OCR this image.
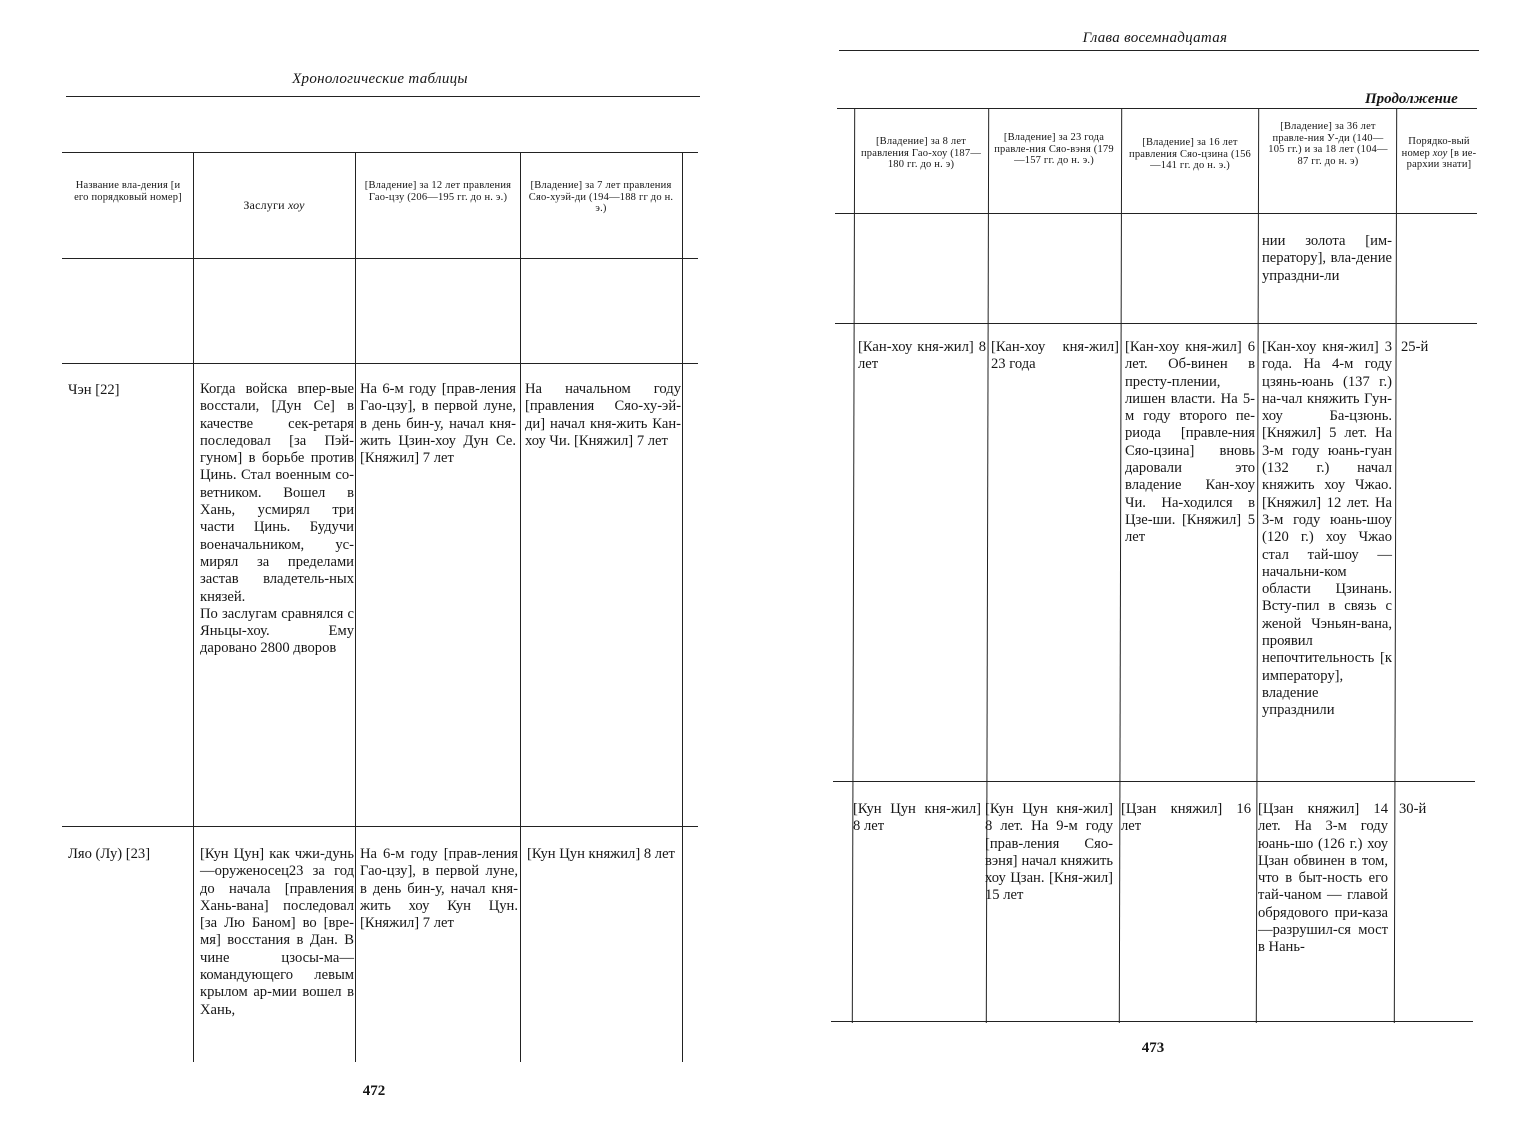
Хронологические таблицы
Название вла-дения [и его порядковый номер]
Заслуги хоу
[Владение] за 12 лет правления Гао-цзу (206—195 гг. до н. э.)
[Владение] за 7 лет правления Сяо-хуэй-ди (194—188 гг до н. э.)
Чэн [22]	Когда войска впер-вые восстали, [Дун Се] в качестве сек-ретаря последовал [за Пэй-гуном] в борьбе против Цинь. Стал военным со-ветником. Вошел в Хань, усмирял три части Цинь. Будучи военачальником, ус-мирял за пределами застав владетель-ных князей.

По заслугам сравнялся с Яньцы-хоу. Ему даровано 2800 дворов
На 6-м году [прав-ления Гао-цзу], в первой луне, в день бин-у, начал кня-жить Цзин-хоу Дун Се. [Княжил] 7 лет
На начальном году [правления Сяо-ху-эй-ди] начал кня-жить Кан-хоу Чи. [Княжил] 7 лет
Ляо (Лу) [23]	[Кун Цун] как чжи-дунь—оруженосец23 за год до начала [правления Хань-вана] последовал [за Лю Баном] во [вре-мя] восстания в Дан. В чине цзосы-ма— командующего левым крылом ар-мии вошел в Хань,
На 6-м году [прав-ления Гао-цзу], в первой луне, в день бин-у, начал кня-жить хоу Кун Цун. [Княжил] 7 лет
[Кун Цун княжил] 8 лет
472
Глава восемнадцатая
Продолжение
[Владение] за 8 лет правления Гао-хоу (187—180 гг. до н. э)
[Владение] за 23 года правле-ния Сяо-вэня (179—157 гг. до н. э.)
[Владение] за 16 лет правления Сяо-цзина (156—141 гг. до н. э.)
[Владение] за 36 лет правле-ния У-ди (140—105 гг.) и за 18 лет (104—87 гг. до н. э)
Порядко-вый номер хоу [в ие-рархии знати]
нии золота [им-ператору], вла-дение упраздни-ли
[Кан-хоу кня-жил] 8 лет
[Кан-хоу кня-жил] 23 года
[Кан-хоу кня-жил] 6 лет. Об-винен в престу-плении, лишен власти. На 5-м году второго пе-риода [правле-ния Сяо-цзина] вновь даровали это владение Кан-хоу Чи. На-ходился в Цзе-ши. [Княжил] 5 лет
[Кан-хоу кня-жил] 3 года. На 4-м году цзянь-юань (137 г.) на-чал княжить Гун-хоу Ба-цзюнь. [Княжил] 5 лет. На 3-м году юань-гуан (132 г.) начал княжить хоу Чжао. [Княжил] 12 лет. На 3-м году юань-шоу (120 г.) хоу Чжао стал тай-шоу — начальни-ком области Цзинань. Всту-пил в связь с женой Чэньян-вана, проявил непочтительность [к императору], владение упразднили
25-й
[Кун Цун кня-жил] 8 лет
[Кун Цун кня-жил] 8 лет. На 9-м году [прав-ления Сяо-вэня] начал княжить хоу Цзан. [Кня-жил] 15 лет
[Цзан княжил] 16 лет
[Цзан княжил] 14 лет. На 3-м году юань-шо (126 г.) хоу Цзан обвинен в том, что в быт-ность его тай-чаном — главой обрядового при-каза—разрушил-ся мост в Нань-
30-й
473
